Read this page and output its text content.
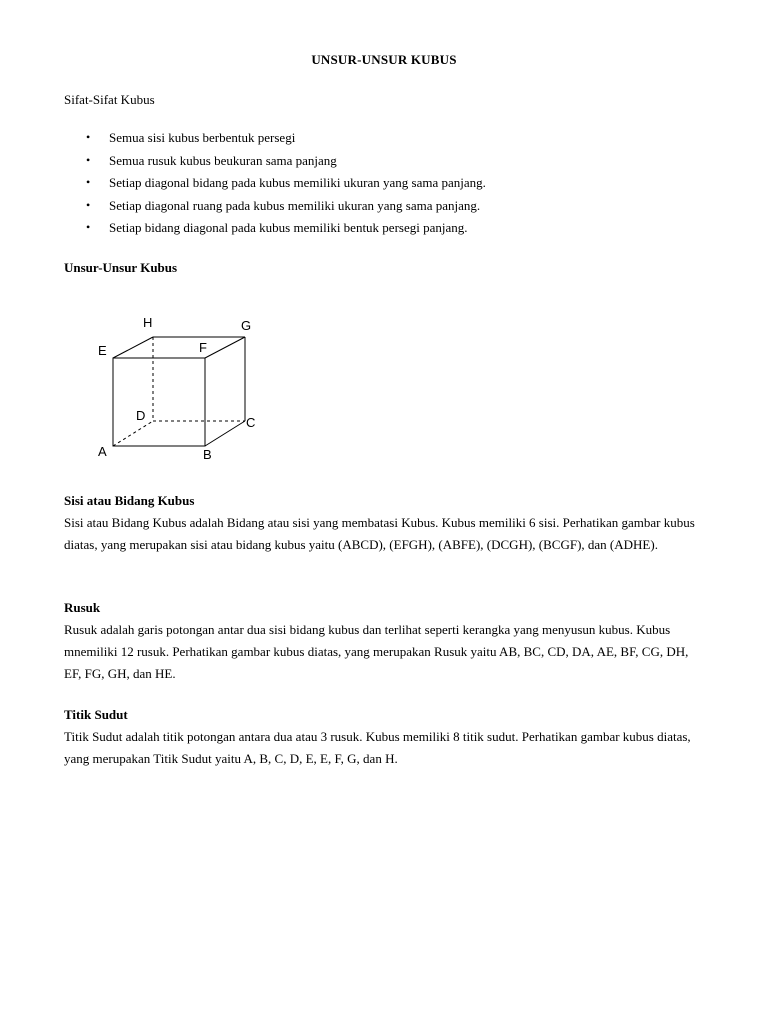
UNSUR-UNSUR KUBUS
Sifat-Sifat Kubus
• Semua sisi kubus berbentuk persegi
• Semua rusuk kubus beukuran sama panjang
• Setiap diagonal bidang pada kubus memiliki ukuran yang sama panjang.
• Setiap diagonal ruang pada kubus memiliki ukuran yang sama panjang.
• Setiap bidang diagonal pada kubus memiliki bentuk persegi panjang.
Unsur-Unsur Kubus
H	G
E	F
D	C
A	B
Sisi atau Bidang Kubus

Sisi atau Bidang Kubus adalah Bidang atau sisi yang membatasi Kubus. Kubus memiliki 6 sisi. Perhatikan gambar kubus diatas, yang merupakan sisi atau bidang kubus yaitu (ABCD), (EFGH), (ABFE), (DCGH), (BCGF), dan (ADHE).

Rusuk

Rusuk adalah garis potongan antar dua sisi bidang kubus dan terlihat seperti kerangka yang menyusun kubus. Kubus mnemiliki 12 rusuk. Perhatikan gambar kubus diatas, yang merupakan Rusuk yaitu AB, BC, CD, DA, AE, BF, CG, DH, EF, FG, GH, dan HE.

Titik Sudut

Titik Sudut adalah titik potongan antara dua atau 3 rusuk. Kubus memiliki 8 titik sudut. Perhatikan gambar kubus diatas, yang merupakan Titik Sudut yaitu A, B, C, D, E, E, F, G, dan H.
